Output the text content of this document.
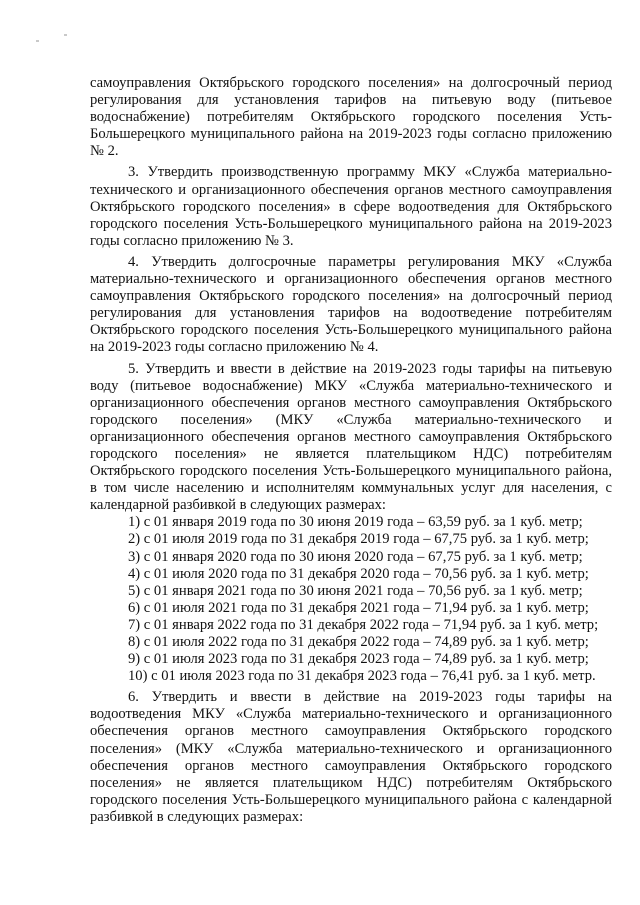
самоуправления Октябрьского городского поселения» на долгосрочный период регулирования для установления тарифов на питьевую воду (питьевое водоснабжение) потребителям Октябрьского городского поселения Усть-Большерецкого муниципального района на 2019-2023 годы согласно приложению № 2.

3. Утвердить производственную программу МКУ «Служба материально-технического и организационного обеспечения органов местного самоуправления Октябрьского городского поселения» в сфере водоотведения для Октябрьского городского поселения Усть-Большерецкого муниципального района на 2019-2023 годы согласно приложению № 3.

4. Утвердить долгосрочные параметры регулирования МКУ «Служба материально-технического и организационного обеспечения органов местного самоуправления Октябрьского городского поселения» на долгосрочный период регулирования для установления тарифов на водоотведение потребителям Октябрьского городского поселения Усть-Большерецкого муниципального района на 2019-2023 годы согласно приложению № 4.

5. Утвердить и ввести в действие на 2019-2023 годы тарифы на питьевую воду (питьевое водоснабжение) МКУ «Служба материально-технического и организационного обеспечения органов местного самоуправления Октябрьского городского поселения» (МКУ «Служба материально-технического и организационного обеспечения органов местного самоуправления Октябрьского городского поселения» не является плательщиком НДС) потребителям Октябрьского городского поселения Усть-Большерецкого муниципального района, в том числе населению и исполнителям коммунальных услуг для населения, с календарной разбивкой в следующих размерах:

1) с 01 января 2019 года по 30 июня 2019 года – 63,59 руб. за 1 куб. метр;
2) с 01 июля 2019 года по 31 декабря 2019 года – 67,75 руб. за 1 куб. метр;
3) с 01 января 2020 года по 30 июня 2020 года – 67,75 руб. за 1 куб. метр;
4) с 01 июля 2020 года по 31 декабря 2020 года – 70,56 руб. за 1 куб. метр;
5) с 01 января 2021 года по 30 июня 2021 года – 70,56 руб. за 1 куб. метр;
6) с 01 июля 2021 года по 31 декабря 2021 года – 71,94 руб. за 1 куб. метр;
7) с 01 января 2022 года по 31 декабря 2022 года – 71,94 руб. за 1 куб. метр;
8) с 01 июля 2022 года по 31 декабря 2022 года – 74,89 руб. за 1 куб. метр;
9) с 01 июля 2023 года по 31 декабря 2023 года – 74,89 руб. за 1 куб. метр;
10) с 01 июля 2023 года по 31 декабря 2023 года – 76,41 руб. за 1 куб. метр.

6. Утвердить и ввести в действие на 2019-2023 годы тарифы на водоотведения МКУ «Служба материально-технического и организационного обеспечения органов местного самоуправления Октябрьского городского поселения» (МКУ «Служба материально-технического и организационного обеспечения органов местного самоуправления Октябрьского городского поселения» не является плательщиком НДС) потребителям Октябрьского городского поселения Усть-Большерецкого муниципального района с календарной разбивкой в следующих размерах:
